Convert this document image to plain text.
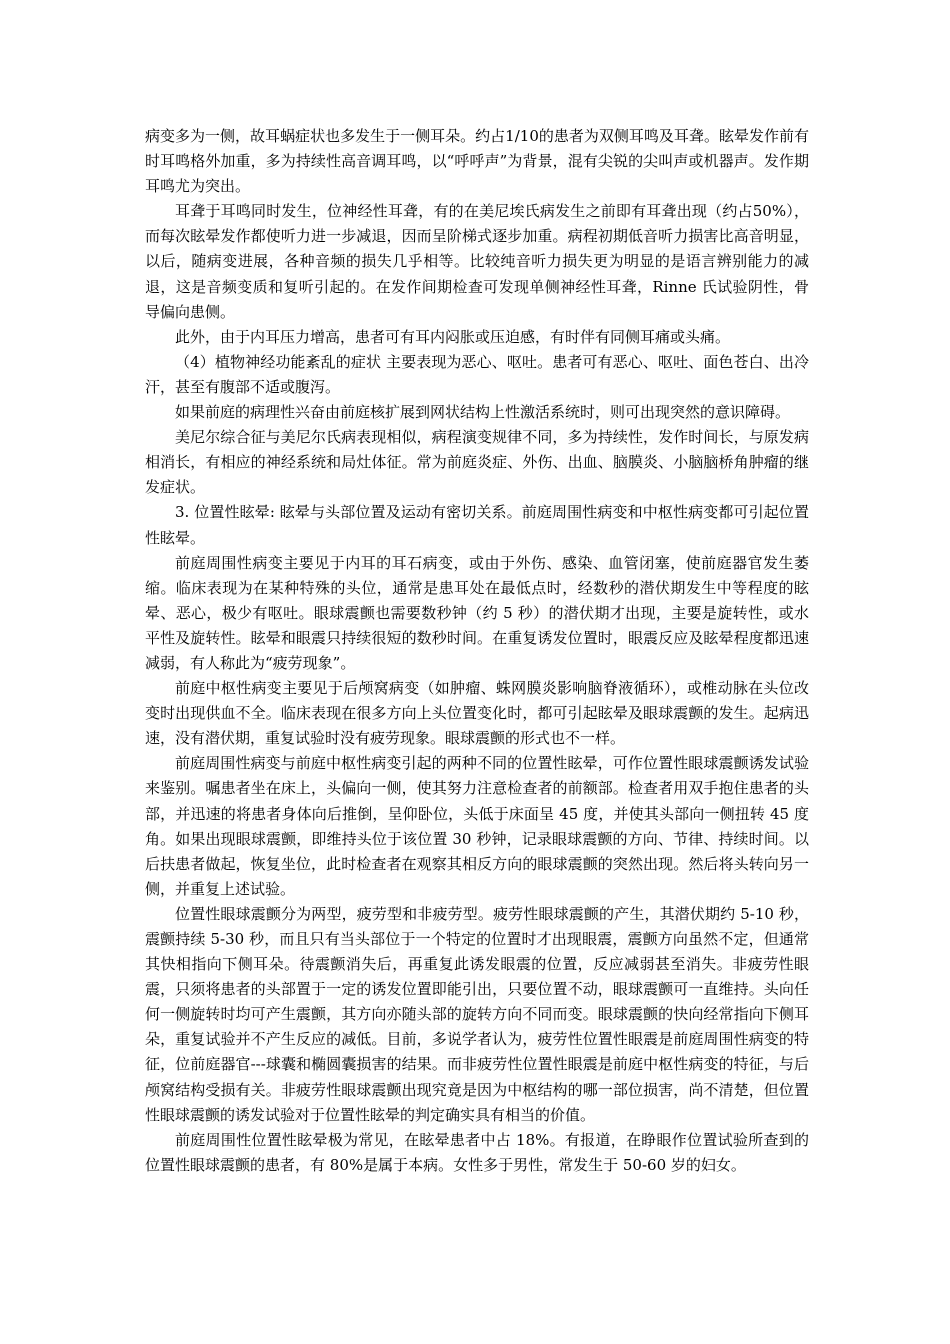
病变多为一侧，故耳蜗症状也多发生于一侧耳朵。约占1/10的患者为双侧耳鸣及耳聋。眩晕发作前有时耳鸣格外加重，多为持续性高音调耳鸣，以“呼呼声”为背景，混有尖锐的尖叫声或机器声。发作期耳鸣尤为突出。

耳聋于耳鸣同时发生，位神经性耳聋，有的在美尼埃氏病发生之前即有耳聋出现（约占50%），而每次眩晕发作都使听力进一步减退，因而呈阶梯式逐步加重。病程初期低音听力损害比高音明显，以后，随病变进展，各种音频的损失几乎相等。比较纯音听力损失更为明显的是语言辨别能力的减退，这是音频变质和复听引起的。在发作间期检查可发现单侧神经性耳聋，Rinne 氏试验阴性，骨导偏向患侧。

此外，由于内耳压力增高，患者可有耳内闷胀或压迫感，有时伴有同侧耳痛或头痛。

（4）植物神经功能紊乱的症状 主要表现为恶心、呕吐。患者可有恶心、呕吐、面色苍白、出冷汗，甚至有腹部不适或腹泻。

如果前庭的病理性兴奋由前庭核扩展到网状结构上性激活系统时，则可出现突然的意识障碍。

美尼尔综合征与美尼尔氏病表现相似，病程演变规律不同，多为持续性，发作时间长，与原发病相消长，有相应的神经系统和局灶体征。常为前庭炎症、外伤、出血、脑膜炎、小脑脑桥角肿瘤的继发症状。

3. 位置性眩晕: 眩晕与头部位置及运动有密切关系。前庭周围性病变和中枢性病变都可引起位置性眩晕。

前庭周围性病变主要见于内耳的耳石病变，或由于外伤、感染、血管闭塞，使前庭器官发生萎缩。临床表现为在某种特殊的头位，通常是患耳处在最低点时，经数秒的潜伏期发生中等程度的眩晕、恶心，极少有呕吐。眼球震颤也需要数秒钟（约 5 秒）的潜伏期才出现，主要是旋转性，或水平性及旋转性。眩晕和眼震只持续很短的数秒时间。在重复诱发位置时，眼震反应及眩晕程度都迅速减弱，有人称此为“疲劳现象”。

前庭中枢性病变主要见于后颅窝病变（如肿瘤、蛛网膜炎影响脑脊液循环），或椎动脉在头位改变时出现供血不全。临床表现在很多方向上头位置变化时，都可引起眩晕及眼球震颤的发生。起病迅速，没有潜伏期，重复试验时没有疲劳现象。眼球震颤的形式也不一样。

前庭周围性病变与前庭中枢性病变引起的两种不同的位置性眩晕，可作位置性眼球震颤诱发试验来鉴别。嘱患者坐在床上，头偏向一侧，使其努力注意检查者的前额部。检查者用双手抱住患者的头部，并迅速的将患者身体向后推倒，呈仰卧位，头低于床面呈 45 度，并使其头部向一侧扭转 45 度角。如果出现眼球震颤，即维持头位于该位置 30 秒钟，记录眼球震颤的方向、节律、持续时间。以后扶患者做起，恢复坐位，此时检查者在观察其相反方向的眼球震颤的突然出现。然后将头转向另一侧，并重复上述试验。

位置性眼球震颤分为两型，疲劳型和非疲劳型。疲劳性眼球震颤的产生，其潜伏期约 5-10 秒，震颤持续 5-30 秒，而且只有当头部位于一个特定的位置时才出现眼震，震颤方向虽然不定，但通常其快相指向下侧耳朵。待震颤消失后，再重复此诱发眼震的位置，反应减弱甚至消失。非疲劳性眼震，只须将患者的头部置于一定的诱发位置即能引出，只要位置不动，眼球震颤可一直维持。头向任何一侧旋转时均可产生震颤，其方向亦随头部的旋转方向不同而变。眼球震颤的快向经常指向下侧耳朵，重复试验并不产生反应的减低。目前，多说学者认为，疲劳性位置性眼震是前庭周围性病变的特征，位前庭器官---球囊和椭圆囊损害的结果。而非疲劳性位置性眼震是前庭中枢性病变的特征，与后颅窝结构受损有关。非疲劳性眼球震颤出现究竟是因为中枢结构的哪一部位损害，尚不清楚，但位置性眼球震颤的诱发试验对于位置性眩晕的判定确实具有相当的价值。

前庭周围性位置性眩晕极为常见，在眩晕患者中占 18%。有报道，在睁眼作位置试验所查到的位置性眼球震颤的患者，有 80%是属于本病。女性多于男性，常发生于 50-60 岁的妇女。
